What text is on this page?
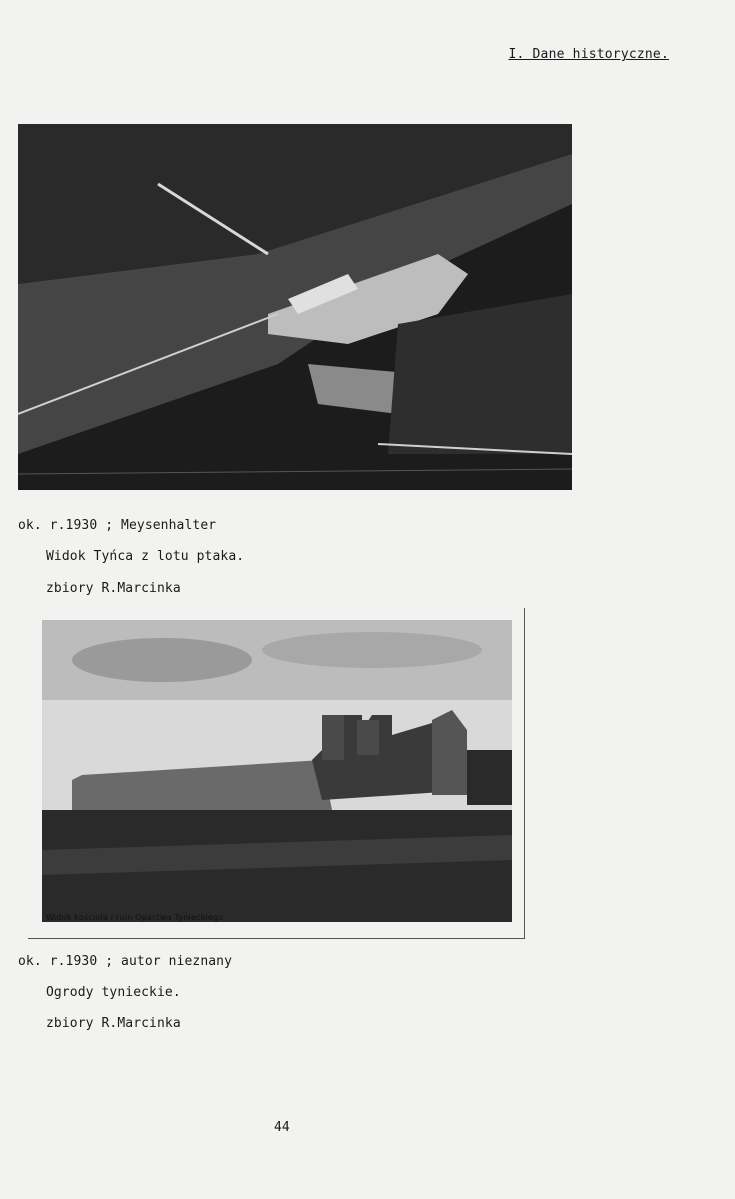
I. Dane historyczne.
ok. r.1930 ; Meysenhalter
Widok Tyńca z lotu ptaka.
zbiory R.Marcinka
Widok kościoła i ruin Opactwa Tynieckiego
ok. r.1930 ; autor nieznany
Ogrody tynieckie.
zbiory R.Marcinka
44
